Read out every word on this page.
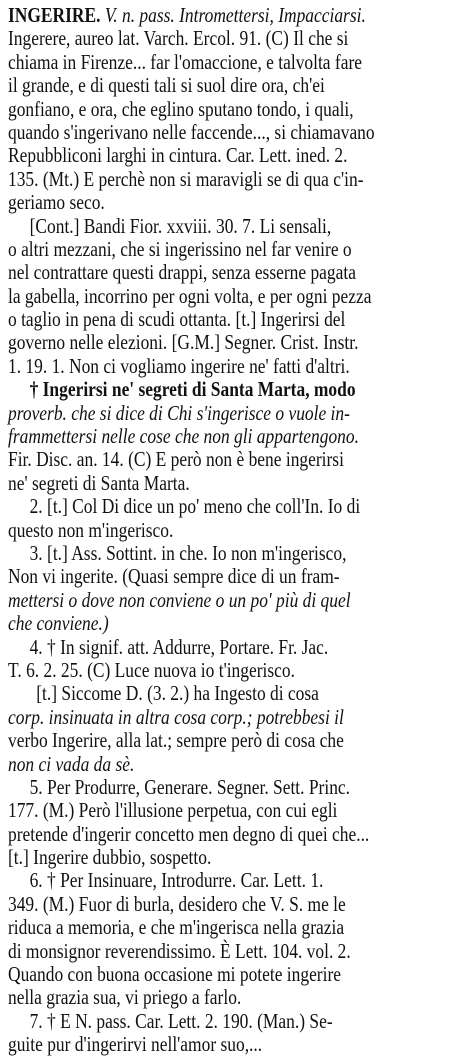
INGERIRE. V. n. pass. Intromettersi, Impacciarsi.
Ingerere, aureo lat. Varch. Ercol. 91. (C) Il che si
chiama in Firenze... far l'omaccione, e talvolta fare
il grande, e di questi tali si suol dire ora, ch'ei
gonfiano, e ora, che eglino sputano tondo, i quali,
quando s'ingerivano nelle faccende..., si chiamavano
Repubbliconi larghi in cintura. Car. Lett. ined. 2.
135. (Mt.) E perchè non si maravigli se di qua c'in-
geriamo seco.
[Cont.] Bandi Fior. xxviii. 30. 7. Li sensali,
o altri mezzani, che si ingerissino nel far venire o
nel contrattare questi drappi, senza esserne pagata
la gabella, incorrino per ogni volta, e per ogni pezza
o taglio in pena di scudi ottanta. [t.] Ingerirsi del
governo nelle elezioni. [G.M.] Segner. Crist. Instr.
1. 19. 1. Non ci vogliamo ingerire ne' fatti d'altri.
† Ingerirsi ne' segreti di Santa Marta, modo
proverb. che si dice di Chi s'ingerisce o vuole in-
frammettersi nelle cose che non gli appartengono.
Fir. Disc. an. 14. (C) E però non è bene ingerirsi
ne' segreti di Santa Marta.
2. [t.] Col Di dice un po' meno che coll'In. Io di
questo non m'ingerisco.
3. [t.] Ass. Sottint. in che. Io non m'ingerisco,
Non vi ingerite. (Quasi sempre dice di un fram-
mettersi o dove non conviene o un po' più di quel
che conviene.)
4. † In signif. att. Addurre, Portare. Fr. Jac.
T. 6. 2. 25. (C) Luce nuova io t'ingerisco.
[t.] Siccome D. (3. 2.) ha Ingesto di cosa
corp. insinuata in altra cosa corp.; potrebbesi il
verbo Ingerire, alla lat.; sempre però di cosa che
non ci vada da sè.
5. Per Produrre, Generare. Segner. Sett. Princ.
177. (M.) Però l'illusione perpetua, con cui egli
pretende d'ingerir concetto men degno di quei che...
[t.] Ingerire dubbio, sospetto.
6. † Per Insinuare, Introdurre. Car. Lett. 1.
349. (M.) Fuor di burla, desidero che V. S. me le
riduca a memoria, e che m'ingerisca nella grazia
di monsignor reverendissimo. È Lett. 104. vol. 2.
Quando con buona occasione mi potete ingerire
nella grazia sua, vi priego a farlo.
7. † E N. pass. Car. Lett. 2. 190. (Man.) Se-
guite pur d'ingerirvi nell'amor suo,...
